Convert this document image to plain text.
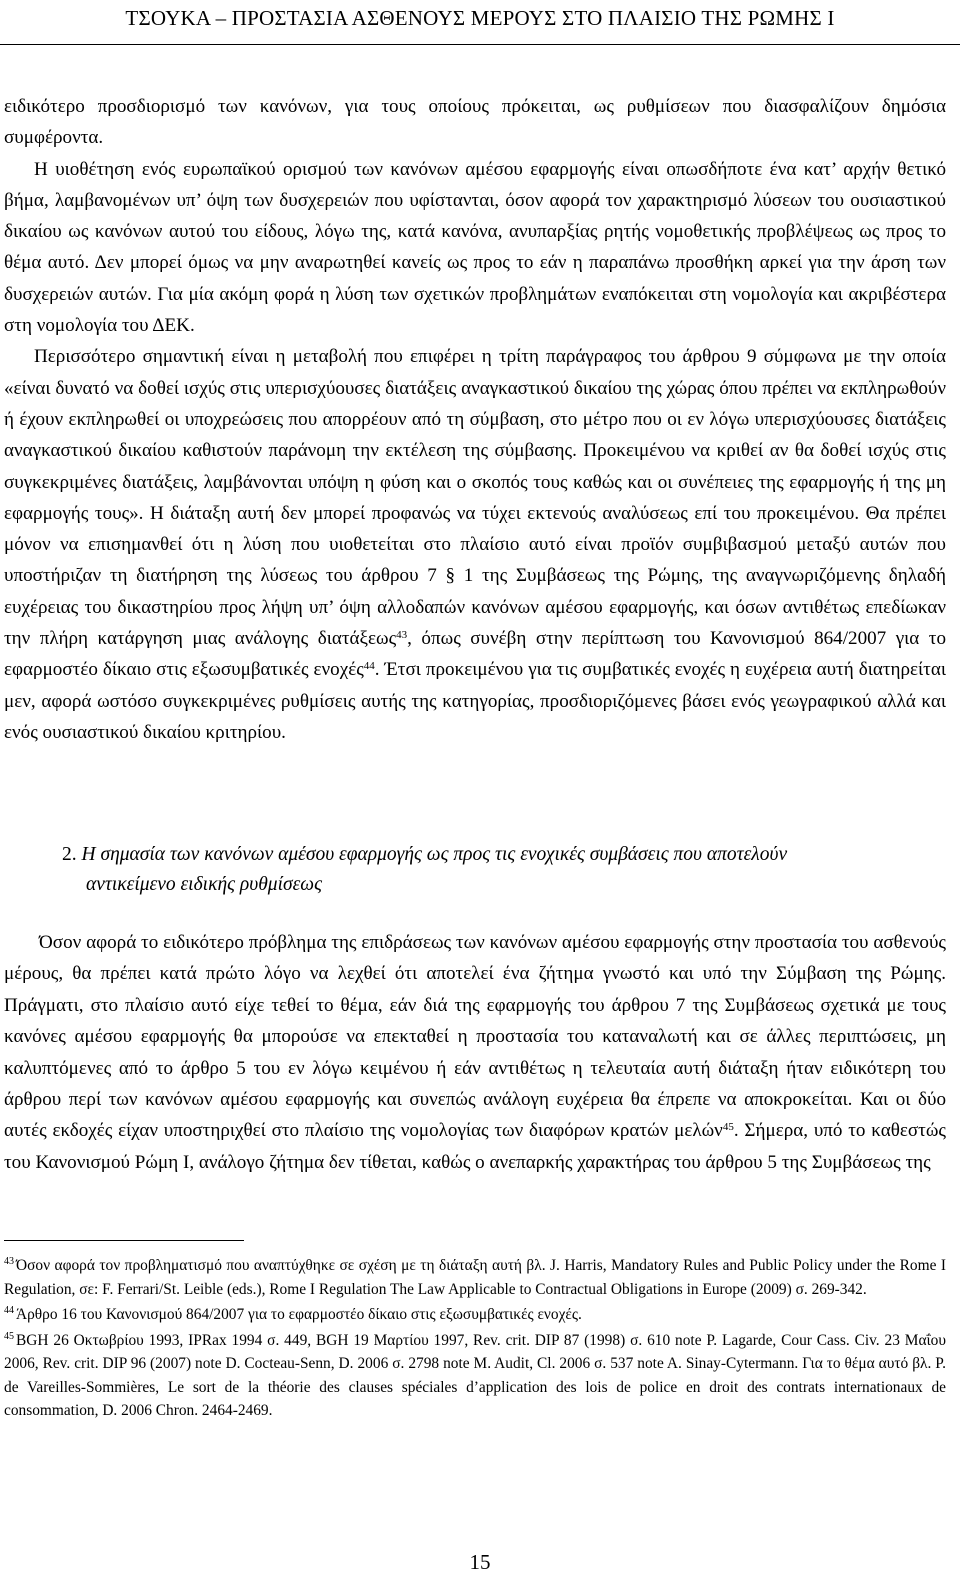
ΤΣΟΥΚΑ – ΠΡΟΣΤΑΣΙΑ ΑΣΘΕΝΟΥΣ ΜΕΡΟΥΣ ΣΤΟ ΠΛΑΙΣΙΟ ΤΗΣ ΡΩΜΗΣ Ι

ειδικότερο προσδιορισμό των κανόνων, για τους οποίους πρόκειται, ως ρυθμίσεων που διασφαλίζουν δημόσια συμφέροντα.

Η υιοθέτηση ενός ευρωπαϊκού ορισμού των κανόνων αμέσου εφαρμογής είναι οπωσδήποτε ένα κατ’ αρχήν θετικό βήμα, λαμβανομένων υπ’ όψη των δυσχερειών που υφίστανται, όσον αφορά τον χαρακτηρισμό λύσεων του ουσιαστικού δικαίου ως κανόνων αυτού του είδους, λόγω της, κατά κανόνα, ανυπαρξίας ρητής νομοθετικής προβλέψεως ως προς το θέμα αυτό. Δεν μπορεί όμως να μην αναρωτηθεί κανείς ως προς το εάν η παραπάνω προσθήκη αρκεί για την άρση των δυσχερειών αυτών. Για μία ακόμη φορά η λύση των σχετικών προβλημάτων εναπόκειται στη νομολογία και ακριβέστερα στη νομολογία του ΔΕΚ.

Περισσότερο σημαντική είναι η μεταβολή που επιφέρει η τρίτη παράγραφος του άρθρου 9 σύμφωνα με την οποία «είναι δυνατό να δοθεί ισχύς στις υπερισχύουσες διατάξεις αναγκαστικού δικαίου της χώρας όπου πρέπει να εκπληρωθούν ή έχουν εκπληρωθεί οι υποχρεώσεις που απορρέουν από τη σύμβαση, στο μέτρο που οι εν λόγω υπερισχύουσες διατάξεις αναγκαστικού δικαίου καθιστούν παράνομη την εκτέλεση της σύμβασης. Προκειμένου να κριθεί αν θα δοθεί ισχύς στις συγκεκριμένες διατάξεις, λαμβάνονται υπόψη η φύση και ο σκοπός τους καθώς και οι συνέπειες της εφαρμογής ή της μη εφαρμογής τους». Η διάταξη αυτή δεν μπορεί προφανώς να τύχει εκτενούς αναλύσεως επί του προκειμένου. Θα πρέπει μόνον να επισημανθεί ότι η λύση που υιοθετείται στο πλαίσιο αυτό είναι προϊόν συμβιβασμού μεταξύ αυτών που υποστήριζαν τη διατήρηση της λύσεως του άρθρου 7 § 1 της Συμβάσεως της Ρώμης, της αναγνωριζόμενης δηλαδή ευχέρειας του δικαστηρίου προς λήψη υπ’ όψη αλλοδαπών κανόνων αμέσου εφαρμογής, και όσων αντιθέτως επεδίωκαν την πλήρη κατάργηση μιας ανάλογης διατάξεως$^{43}$, όπως συνέβη στην περίπτωση του Κανονισμού 864/2007 για το εφαρμοστέο δίκαιο στις εξωσυμβατικές ενοχές$^{44}$. Έτσι προκειμένου για τις συμβατικές ενοχές η ευχέρεια αυτή διατηρείται μεν, αφορά ωστόσο συγκεκριμένες ρυθμίσεις αυτής της κατηγορίας, προσδιοριζόμενες βάσει ενός γεωγραφικού αλλά και ενός ουσιαστικού δικαίου κριτηρίου.

2. Η σημασία των κανόνων αμέσου εφαρμογής ως προς τις ενοχικές συμβάσεις που αποτελούν
αντικείμενο ειδικής ρυθμίσεως

Όσον αφορά το ειδικότερο πρόβλημα της επιδράσεως των κανόνων αμέσου εφαρμογής στην προστασία του ασθενούς μέρους, θα πρέπει κατά πρώτο λόγο να λεχθεί ότι αποτελεί ένα ζήτημα γνωστό και υπό την Σύμβαση της Ρώμης. Πράγματι, στο πλαίσιο αυτό είχε τεθεί το θέμα, εάν διά της εφαρμογής του άρθρου 7 της Συμβάσεως σχετικά με τους κανόνες αμέσου εφαρμογής θα μπορούσε να επεκταθεί η προστασία του καταναλωτή και σε άλλες περιπτώσεις, μη καλυπτόμενες από το άρθρο 5 του εν λόγω κειμένου ή εάν αντιθέτως η τελευταία αυτή διάταξη ήταν ειδικότερη του άρθρου περί των κανόνων αμέσου εφαρμογής και συνεπώς ανάλογη ευχέρεια θα έπρεπε να αποκροκείται. Και οι δύο αυτές εκδοχές είχαν υποστηριχθεί στο πλαίσιο της νομολογίας των διαφόρων κρατών μελών$^{45}$. Σήμερα, υπό το καθεστώς του Κανονισμού Ρώμη Ι, ανάλογο ζήτημα δεν τίθεται, καθώς ο ανεπαρκής χαρακτήρας του άρθρου 5 της Συμβάσεως της

$^{43}$ Όσον αφορά τον προβληματισμό που αναπτύχθηκε σε σχέση με τη διάταξη αυτή βλ. J. Harris, Mandatory Rules and Public Policy under the Rome I Regulation, σε: F. Ferrari/St. Leible (eds.), Rome I Regulation The Law Applicable to Contractual Obligations in Europe (2009) σ. 269-342.

$^{44}$ Άρθρο 16 του Κανονισμού 864/2007 για το εφαρμοστέο δίκαιο στις εξωσυμβατικές ενοχές.

$^{45}$ BGH 26 Οκτωβρίου 1993, IPRax 1994 σ. 449, BGH 19 Μαρτίου 1997, Rev. crit. DIP 87 (1998) σ. 610 note P. Lagarde, Cour Cass. Civ. 23 Μαΐου 2006, Rev. crit. DIP 96 (2007) note D. Cocteau-Senn, D. 2006 σ. 2798 note M. Audit, Cl. 2006 σ. 537 note A. Sinay-Cytermann. Για το θέμα αυτό βλ. P. de Vareilles-Sommières, Le sort de la théorie des clauses spéciales d’application des lois de police en droit des contrats internationaux de consommation, D. 2006 Chron. 2464-2469.

15
